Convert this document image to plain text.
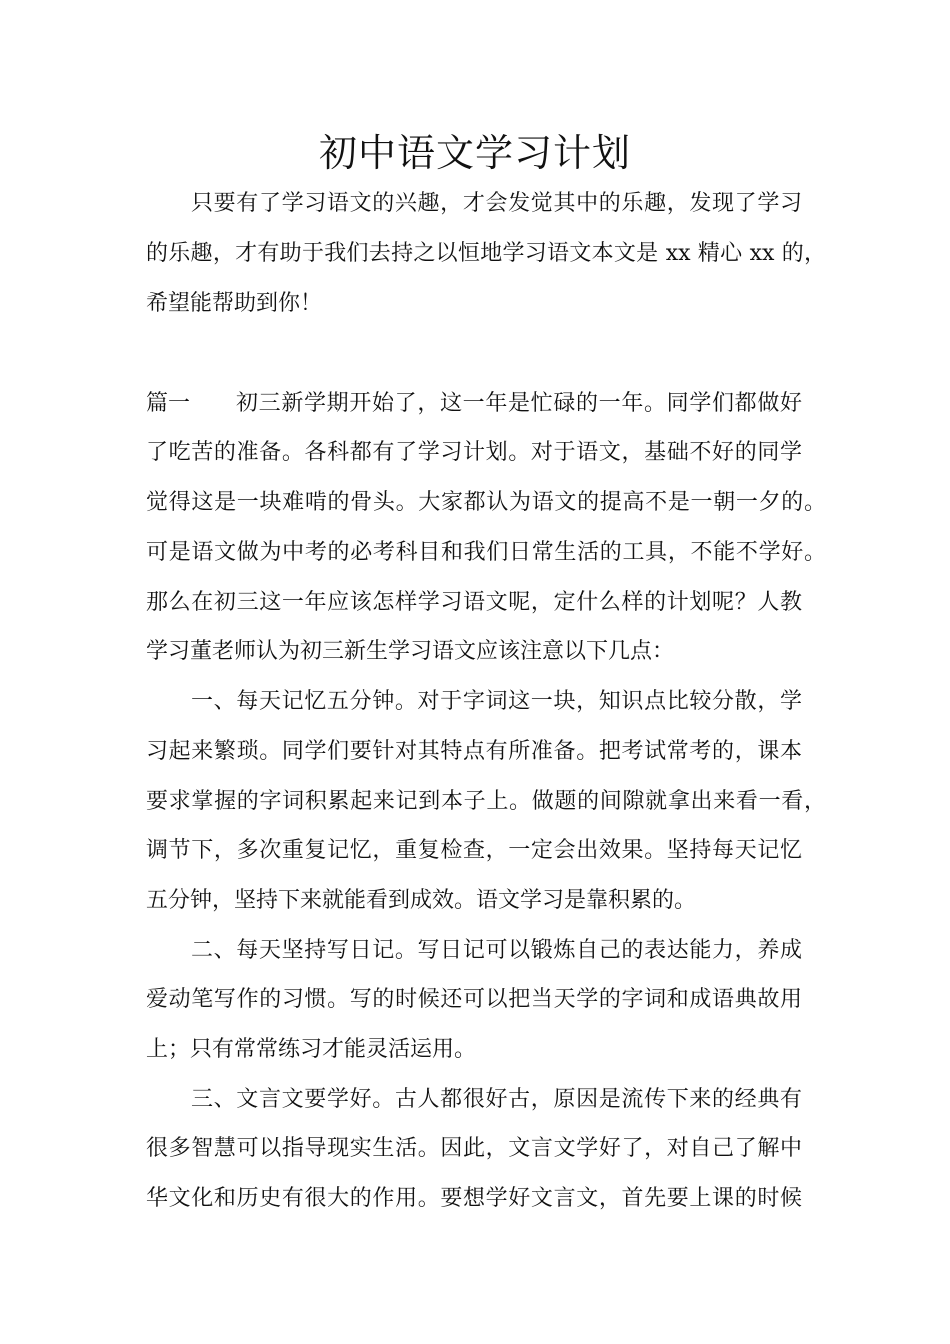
初中语文学习计划
只要有了学习语文的兴趣，才会发觉其中的乐趣，发现了学习
的乐趣，才有助于我们去持之以恒地学习语文本文是 xx 精心 xx 的，
希望能帮助到你！
篇一 初三新学期开始了，这一年是忙碌的一年。同学们都做好
了吃苦的准备。各科都有了学习计划。对于语文，基础不好的同学
觉得这是一块难啃的骨头。大家都认为语文的提高不是一朝一夕的。
可是语文做为中考的必考科目和我们日常生活的工具，不能不学好。
那么在初三这一年应该怎样学习语文呢，定什么样的计划呢？人教
学习董老师认为初三新生学习语文应该注意以下几点：
一、每天记忆五分钟。对于字词这一块，知识点比较分散，学
习起来繁琐。同学们要针对其特点有所准备。把考试常考的，课本
要求掌握的字词积累起来记到本子上。做题的间隙就拿出来看一看，
调节下，多次重复记忆，重复检查，一定会出效果。坚持每天记忆
五分钟，坚持下来就能看到成效。语文学习是靠积累的。
二、每天坚持写日记。写日记可以锻炼自己的表达能力，养成
爱动笔写作的习惯。写的时候还可以把当天学的字词和成语典故用
上；只有常常练习才能灵活运用。
三、文言文要学好。古人都很好古，原因是流传下来的经典有
很多智慧可以指导现实生活。因此，文言文学好了，对自己了解中
华文化和历史有很大的作用。要想学好文言文，首先要上课的时候
